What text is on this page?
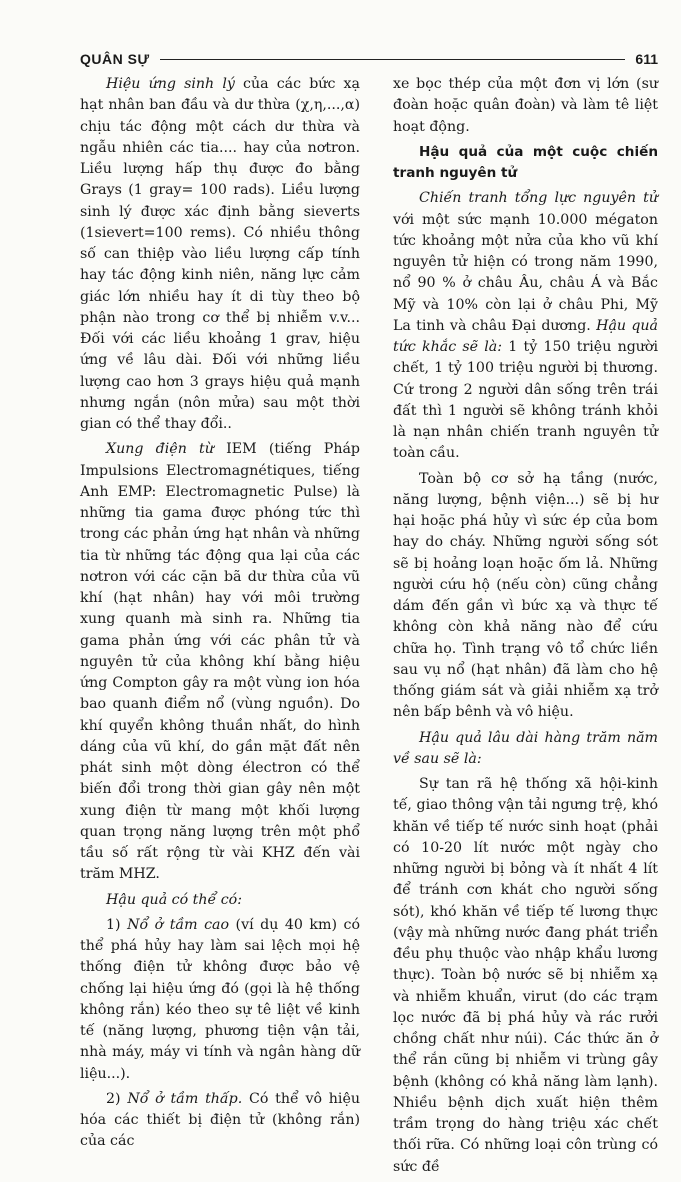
QUÂN SỰ	611

Hiệu ứng sinh lý của các bức xạ hạt nhân ban đầu và dư thừa (χ,η,...,α) chịu tác động một cách dư thừa và ngẫu nhiên các tia.... hay của nơtron. Liều lượng hấp thụ được đo bằng Grays (1 gray= 100 rads). Liều lượng sinh lý được xác định bằng sieverts (1sievert=100 rems). Có nhiều thông số can thiệp vào liều lượng cấp tính hay tác động kinh niên, năng lực cảm giác lớn nhiều hay ít di tùy theo bộ phận nào trong cơ thể bị nhiễm v.v... Đối với các liều khoảng 1 grav, hiệu ứng về lâu dài. Đối với những liều lượng cao hơn 3 grays hiệu quả mạnh nhưng ngắn (nôn mửa) sau một thời gian có thể thay đổi..

Xung điện từ IEM (tiếng Pháp Impulsions Electromagnétiques, tiếng Anh EMP: Electromagnetic Pulse) là những tia gama được phóng tức thì trong các phản ứng hạt nhân và những tia từ những tác động qua lại của các nơtron với các cặn bã dư thừa của vũ khí (hạt nhân) hay với môi trường xung quanh mà sinh ra. Những tia gama phản ứng với các phân tử và nguyên tử của không khí bằng hiệu ứng Compton gây ra một vùng ion hóa bao quanh điểm nổ (vùng nguồn). Do khí quyển không thuần nhất, do hình dáng của vũ khí, do gần mặt đất nên phát sinh một dòng électron có thể biến đổi trong thời gian gây nên một xung điện từ mang một khối lượng quan trọng năng lượng trên một phổ tầu số rất rộng từ vài KHZ đến vài trăm MHZ.

Hậu quả có thể có:

1) Nổ ở tầm cao (ví dụ 40 km) có thể phá hủy hay làm sai lệch mọi hệ thống điện tử không được bảo vệ chống lại hiệu ứng đó (gọi là hệ thống không rắn) kéo theo sự tê liệt về kinh tế (năng lượng, phương tiện vận tải, nhà máy, máy vi tính và ngân hàng dữ liệu...).

2) Nổ ở tầm thấp. Có thể vô hiệu hóa các thiết bị điện tử (không rắn) của các

xe bọc thép của một đơn vị lớn (sư đoàn hoặc quân đoàn) và làm tê liệt hoạt động.

Hậu quả của một cuộc chiến tranh nguyên tử

Chiến tranh tổng lực nguyên tử với một sức mạnh 10.000 mégaton tức khoảng một nửa của kho vũ khí nguyên tử hiện có trong năm 1990, nổ 90 % ở châu Âu, châu Á và Bắc Mỹ và 10% còn lại ở châu Phi, Mỹ La tinh và châu Đại dương. Hậu quả tức khắc sẽ là: 1 tỷ 150 triệu người chết, 1 tỷ 100 triệu người bị thương. Cứ trong 2 người dân sống trên trái đất thì 1 người sẽ không tránh khỏi là nạn nhân chiến tranh nguyên tử toàn cầu.

Toàn bộ cơ sở hạ tầng (nước, năng lượng, bệnh viện...) sẽ bị hư hại hoặc phá hủy vì sức ép của bom hay do cháy. Những người sống sót sẽ bị hoảng loạn hoặc ốm lả. Những người cứu hộ (nếu còn) cũng chẳng dám đến gần vì bức xạ và thực tế không còn khả năng nào để cứu chữa họ. Tình trạng vô tổ chức liền sau vụ nổ (hạt nhân) đã làm cho hệ thống giám sát và giải nhiễm xạ trở nên bấp bênh và vô hiệu.

Hậu quả lâu dài hàng trăm năm về sau sẽ là:

Sự tan rã hệ thống xã hội-kinh tế, giao thông vận tải ngưng trệ, khó khăn về tiếp tế nước sinh hoạt (phải có 10-20 lít nước một ngày cho những người bị bỏng và ít nhất 4 lít để tránh cơn khát cho người sống sót), khó khăn về tiếp tế lương thực (vậy mà những nước đang phát triển đều phụ thuộc vào nhập khẩu lương thực). Toàn bộ nước sẽ bị nhiễm xạ và nhiễm khuẩn, virut (do các trạm lọc nước đã bị phá hủy và rác rưởi chồng chất như núi). Các thức ăn ở thể rắn cũng bị nhiễm vi trùng gây bệnh (không có khả năng làm lạnh). Nhiều bệnh dịch xuất hiện thêm trầm trọng do hàng triệu xác chết thối rữa. Có những loại côn trùng có sức đề
